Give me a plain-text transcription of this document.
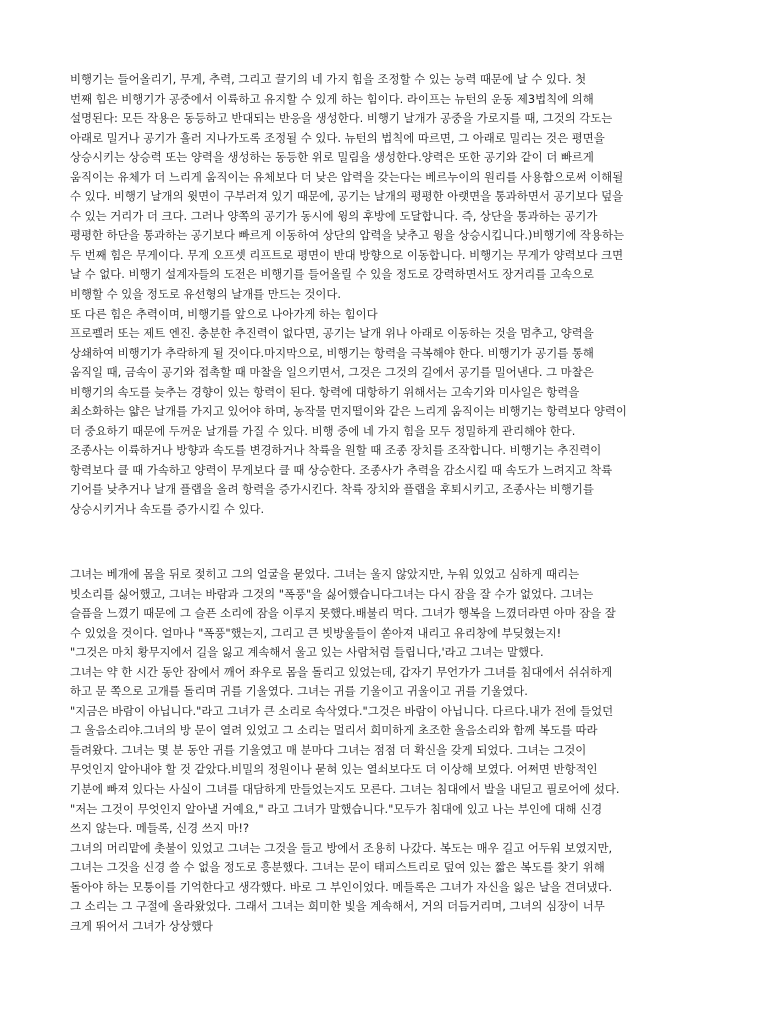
비행기는 들어올리기, 무게, 추력, 그리고 끌기의 네 가지 힘을 조정할 수 있는 능력 때문에 날 수 있다. 첫
번째 힘은 비행기가 공중에서 이륙하고 유지할 수 있게 하는 힘이다. 라이프는 뉴턴의 운동 제3법칙에 의해
설명된다: 모든 작용은 동등하고 반대되는 반응을 생성한다. 비행기 날개가 공중을 가로지를 때, 그것의 각도는
아래로 밀거나 공기가 흘러 지나가도록 조정될 수 있다. 뉴턴의 법칙에 따르면, 그 아래로 밀리는 것은 평면을
상승시키는 상승력 또는 양력을 생성하는 동등한 위로 밀림을 생성한다.양력은 또한 공기와 같이 더 빠르게
움직이는 유체가 더 느리게 움직이는 유체보다 더 낮은 압력을 갖는다는 베르누이의 원리를 사용함으로써 이해될
수 있다. 비행기 날개의 윗면이 구부러져 있기 때문에, 공기는 날개의 평평한 아랫면을 통과하면서 공기보다 덮을
수 있는 거리가 더 크다. 그러나 양쪽의 공기가 동시에 윙의 후방에 도달합니다. 즉, 상단을 통과하는 공기가
평평한 하단을 통과하는 공기보다 빠르게 이동하여 상단의 압력을 낮추고 윙을 상승시킵니다.)비행기에 작용하는
두 번째 힘은 무게이다. 무게 오프셋 리프트로 평면이 반대 방향으로 이동합니다. 비행기는 무게가 양력보다 크면
날 수 없다. 비행기 설계자들의 도전은 비행기를 들어올릴 수 있을 정도로 강력하면서도 장거리를 고속으로
비행할 수 있을 정도로 유선형의 날개를 만드는 것이다.
또 다른 힘은 추력이며, 비행기를 앞으로 나아가게 하는 힘이다
프로펠러 또는 제트 엔진. 충분한 추진력이 없다면, 공기는 날개 위나 아래로 이동하는 것을 멈추고, 양력을
상쇄하여 비행기가 추락하게 될 것이다.마지막으로, 비행기는 항력을 극복해야 한다. 비행기가 공기를 통해
움직일 때, 금속이 공기와 접촉할 때 마찰을 일으키면서, 그것은 그것의 길에서 공기를 밀어낸다. 그 마찰은
비행기의 속도를 늦추는 경향이 있는 항력이 된다. 항력에 대항하기 위해서는 고속기와 미사일은 항력을
최소화하는 얇은 날개를 가지고 있어야 하며, 농작물 먼지떨이와 같은 느리게 움직이는 비행기는 항력보다 양력이
더 중요하기 때문에 두꺼운 날개를 가질 수 있다. 비행 중에 네 가지 힘을 모두 정밀하게 관리해야 한다.
조종사는 이륙하거나 방향과 속도를 변경하거나 착륙을 원할 때 조종 장치를 조작합니다. 비행기는 추진력이
항력보다 클 때 가속하고 양력이 무게보다 클 때 상승한다. 조종사가 추력을 감소시킬 때 속도가 느려지고 착륙
기어를 낮추거나 날개 플랩을 올려 항력을 증가시킨다. 착륙 장치와 플랩을 후퇴시키고, 조종사는 비행기를
상승시키거나 속도를 증가시킬 수 있다.
그녀는 베개에 몸을 뒤로 젖히고 그의 얼굴을 묻었다. 그녀는 울지 않았지만, 누워 있었고 심하게 때리는
빗소리를 싫어했고, 그녀는 바람과 그것의 "폭풍"을 싫어했습니다그녀는 다시 잠을 잘 수가 없었다. 그녀는
슬픔을 느꼈기 때문에 그 슬픈 소리에 잠을 이루지 못했다.배불리 먹다. 그녀가 행복을 느꼈더라면 아마 잠을 잘
수 있었을 것이다. 얼마나 "폭풍"했는지, 그리고 큰 빗방울들이 쏟아져 내리고 유리창에 부딪혔는지!
"그것은 마치 황무지에서 길을 잃고 계속해서 울고 있는 사람처럼 들립니다,'라고 그녀는 말했다.
그녀는 약 한 시간 동안 잠에서 깨어 좌우로 몸을 돌리고 있었는데, 갑자기 무언가가 그녀를 침대에서 쉬쉬하게
하고 문 쪽으로 고개를 돌리며 귀를 기울였다. 그녀는 귀를 기울이고 귀울이고 귀를 기울였다.
"지금은 바람이 아닙니다."라고 그녀가 큰 소리로 속삭였다."그것은 바람이 아닙니다. 다르다.내가 전에 들었던
그 울음소리야.그녀의 방 문이 열려 있었고 그 소리는 멀리서 희미하게 초조한 울음소리와 함께 복도를 따라
들려왔다. 그녀는 몇 분 동안 귀를 기울였고 매 분마다 그녀는 점점 더 확신을 갖게 되었다. 그녀는 그것이
무엇인지 알아내야 할 것 같았다.비밀의 정원이나 묻혀 있는 열쇠보다도 더 이상해 보였다. 어쩌면 반항적인
기분에 빠져 있다는 사실이 그녀를 대담하게 만들었는지도 모른다. 그녀는 침대에서 발을 내딛고 필로어에 섰다.
"저는 그것이 무엇인지 알아낼 거예요," 라고 그녀가 말했습니다."모두가 침대에 있고 나는 부인에 대해 신경
쓰지 않는다. 메들록, 신경 쓰지 마!?
그녀의 머리맡에 촛불이 있었고 그녀는 그것을 들고 방에서 조용히 나갔다. 복도는 매우 길고 어두워 보였지만,
그녀는 그것을 신경 쓸 수 없을 정도로 흥분했다. 그녀는 문이 태피스트리로 덮여 있는 짧은 복도를 찾기 위해
돌아야 하는 모퉁이를 기억한다고 생각했다. 바로 그 부인이었다. 메들록은 그녀가 자신을 잃은 날을 견뎌냈다.
그 소리는 그 구절에 올라왔었다. 그래서 그녀는 희미한 빛을 계속해서, 거의 더듬거리며, 그녀의 심장이 너무
크게 뛰어서 그녀가 상상했다
